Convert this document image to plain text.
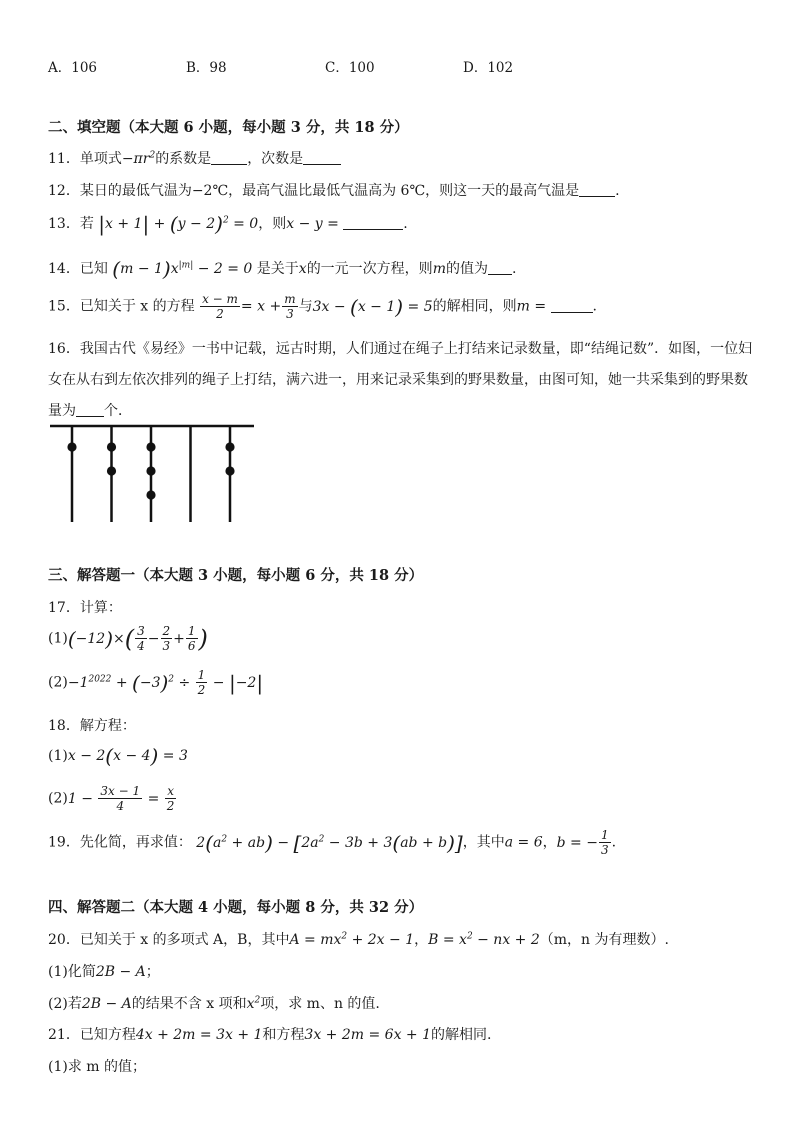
A．106	B．98	C．100	D．102
二、填空题（本大题 6 小题，每小题 3 分，共 18 分）
11．单项式$-\pi r^2$的系数是	，次数是
12．某日的最低气温为−2℃，最高气温比最低气温高为 6℃，则这一天的最高气温是	.
13．若 $|x + 1| + (y - 2)^2 = 0$，则x − y =	.
14．已知 $(m - 1)x^{|m|} - 2 = 0$ 是关于x的一元一次方程，则m的值为 .
15．已知关于 x 的方程 $\frac{x - m}{2} = x + \frac{m}{3}$ 与3x − (x − 1) = 5的解相同，则m =	.
16．我国古代《易经》一书中记载，远古时期，人们通过在绳子上打结来记录数量，即“结绳记数”．如图，一位妇
女在从右到左依次排列的绳子上打结，满六进一，用来记录采集到的野果数量，由图可知，她一共采集到的野果数
量为 个．
三、解答题一（本大题 3 小题，每小题 6 分，共 18 分）
17．计算：
$(1)(-12)\times( \frac{3}{4} - \frac{2}{3} + \frac{1}{6}$ )
$(2)-1^{2022} + (-3)^2 \div \frac{1}{2} - |-2|$
18．解方程：
(1)x − 2(x − 4) = 3
$(2)1 - \frac{3x - 1}{4} = \frac{x}{2}$
19．先化简，再求值： $2(a^2 + ab) - [2a^2 - 3b + 3(ab + b)]$，其中a = 6，b = − $\frac{1}{3}$ .
四、解答题二（本大题 4 小题，每小题 8 分，共 32 分）
20．已知关于 x 的多项式 A，B，其中$A = mx^2 + 2x - 1$，$B = x^2$ − nx + 2（m，n 为有理数）.
(1)化简2B − A；
(2)若2B − A的结果不含 x 项和$x^2$项，求 m、n 的值.
21．已知方程4x + 2m = 3x + 1和方程3x + 2m = 6x + 1的解相同.
(1)求 m 的值；
